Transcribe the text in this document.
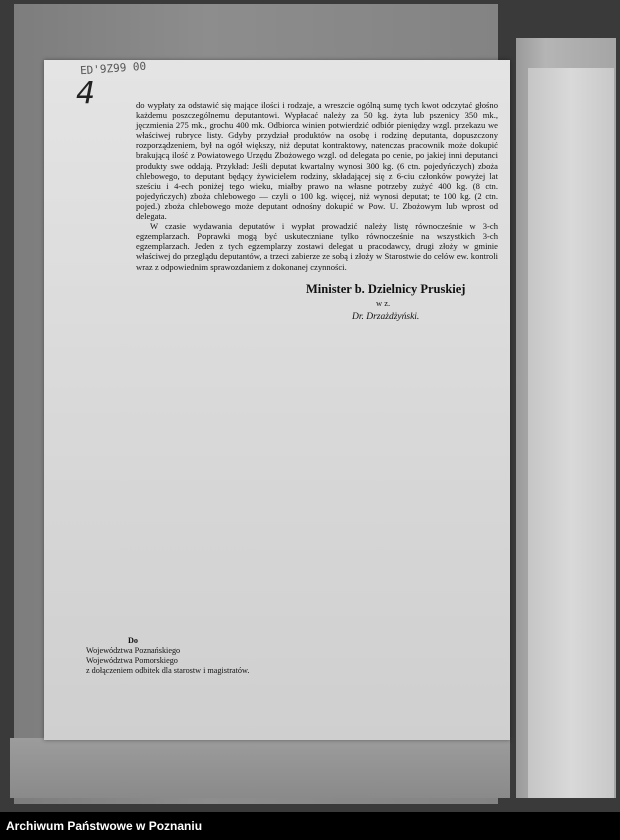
ED'9Z99 00
4	do wypłaty za odstawić się mające ilości i rodzaje, a wreszcie ogólną sumę tych kwot odczytać głośno każdemu poszczególnemu deputantowi. Wypłacać należy za 50 kg. żyta lub pszenicy 350 mk., jęczmienia 275 mk., grochu 400 mk. Odbiorca winien potwierdzić odbiór pieniędzy wzgl. przekazu we właściwej rubryce listy. Gdyby przydział produktów na osobę i rodzinę deputanta, dopuszczony rozporządzeniem, był na ogół większy, niż deputat kontraktowy, natenczas pracownik może dokupić brakującą ilość z Powiatowego Urzędu Zbożowego wzgl. od delegata po cenie, po jakiej inni deputanci produkty swe oddają. Przykład: Jeśli deputat kwartalny wynosi 300 kg. (6 ctn. pojedyńczych) zboża chlebowego, to deputant będący żywicielem rodziny, składającej się z 6-ciu członków powyżej lat sześciu i 4-ech poniżej tego wieku, miałby prawo na własne potrzeby zużyć 400 kg. (8 ctn. pojedyńczych) zboża chlebowego — czyli o 100 kg. więcej, niż wynosi deputat; te 100 kg. (2 ctn. pojed.) zboża chlebowego może deputant odnośny dokupić w Pow. U. Zbożowym lub wprost od delegata.

W czasie wydawania deputatów i wypłat prowadzić należy listę równocześnie w 3-ch egzemplarzach. Poprawki mogą być uskuteczniane tylko równocześnie na wszystkich 3-ch egzemplarzach. Jeden z tych egzemplarzy zostawi delegat u pracodawcy, drugi złoży w gminie właściwej do przeglądu deputantów, a trzeci zabierze ze sobą i złoży w Starostwie do celów ew. kontroli wraz z odpowiednim sprawozdaniem z dokonanej czynności.

Minister b. Dzielnicy Pruskiej
w z.
Dr. Drzażdżyński.
Do
Województwa Poznańskiego
Województwa Pomorskiego
z dołączeniem odbitek dla starostw i magistratów.
Archiwum Państwowe w Poznaniu
